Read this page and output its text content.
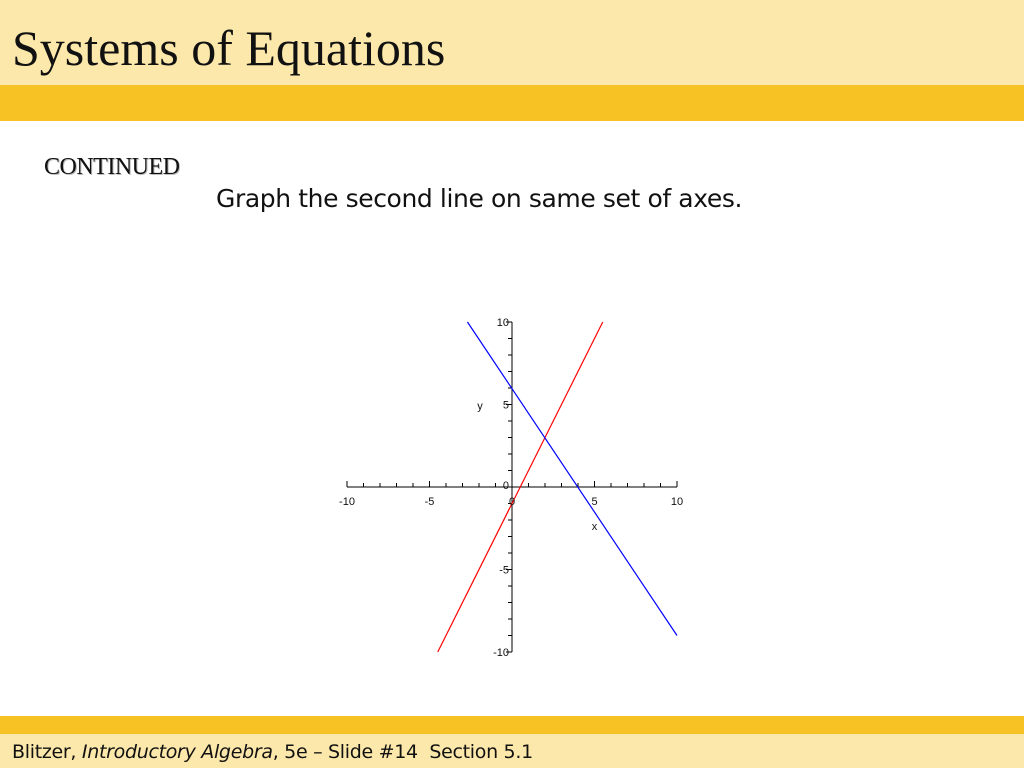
Systems of Equations
CONTINUED
Graph the second line on same set of axes.
-10	-5	0	5	10
-10
-5
5
10
0
x
y
Blitzer, Introductory Algebra, 5e – Slide #14  Section 5.1
